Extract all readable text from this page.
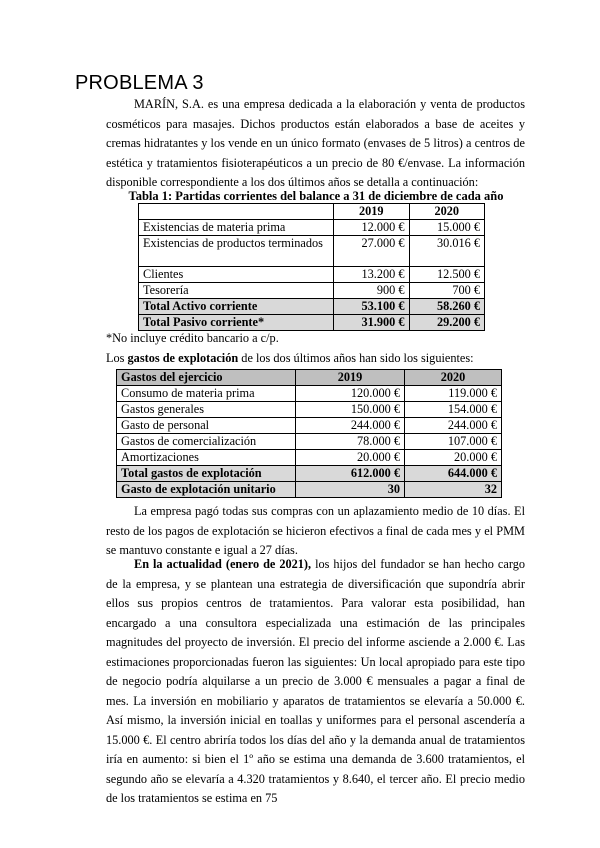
PROBLEMA 3

MARÍN, S.A. es una empresa dedicada a la elaboración y venta de productos cosméticos para masajes. Dichos productos están elaborados a base de aceites y cremas hidratantes y los vende en un único formato (envases de 5 litros) a centros de estética y tratamientos fisioterapéuticos a un precio de 80 €/envase. La información disponible correspondiente a los dos últimos años se detalla a continuación:

Tabla 1: Partidas corrientes del balance a 31 de diciembre de cada año
	2019	2020
Existencias de materia prima	12.000 €	15.000 €
Existencias de productos terminados	27.000 €	30.016 €
Clientes	13.200 €	12.500 €
Tesorería	900 €	700 €
Total Activo corriente	53.100 €	58.260 €
Total Pasivo corriente*	31.900 €	29.200 €
*No incluye crédito bancario a c/p.
Los gastos de explotación de los dos últimos años han sido los siguientes:
Gastos del ejercicio	2019	2020
Consumo de materia prima	120.000 €	119.000 €
Gastos generales	150.000 €	154.000 €
Gasto de personal	244.000 €	244.000 €
Gastos de comercialización	78.000 €	107.000 €
Amortizaciones	20.000 €	20.000 €
Total gastos de explotación	612.000 €	644.000 €
Gasto de explotación unitario	30	32

La empresa pagó todas sus compras con un aplazamiento medio de 10 días. El resto de los pagos de explotación se hicieron efectivos a final de cada mes y el PMM se mantuvo constante e igual a 27 días.

En la actualidad (enero de 2021), los hijos del fundador se han hecho cargo de la empresa, y se plantean una estrategia de diversificación que supondría abrir ellos sus propios centros de tratamientos. Para valorar esta posibilidad, han encargado a una consultora especializada una estimación de las principales magnitudes del proyecto de inversión. El precio del informe asciende a 2.000 €. Las estimaciones proporcionadas fueron las siguientes: Un local apropiado para este tipo de negocio podría alquilarse a un precio de 3.000 € mensuales a pagar a final de mes. La inversión en mobiliario y aparatos de tratamientos se elevaría a 50.000 €. Así mismo, la inversión inicial en toallas y uniformes para el personal ascendería a 15.000 €. El centro abriría todos los días del año y la demanda anual de tratamientos iría en aumento: si bien el 1º año se estima una demanda de 3.600 tratamientos, el segundo año se elevaría a 4.320 tratamientos y 8.640, el tercer año. El precio medio de los tratamientos se estima en 75
